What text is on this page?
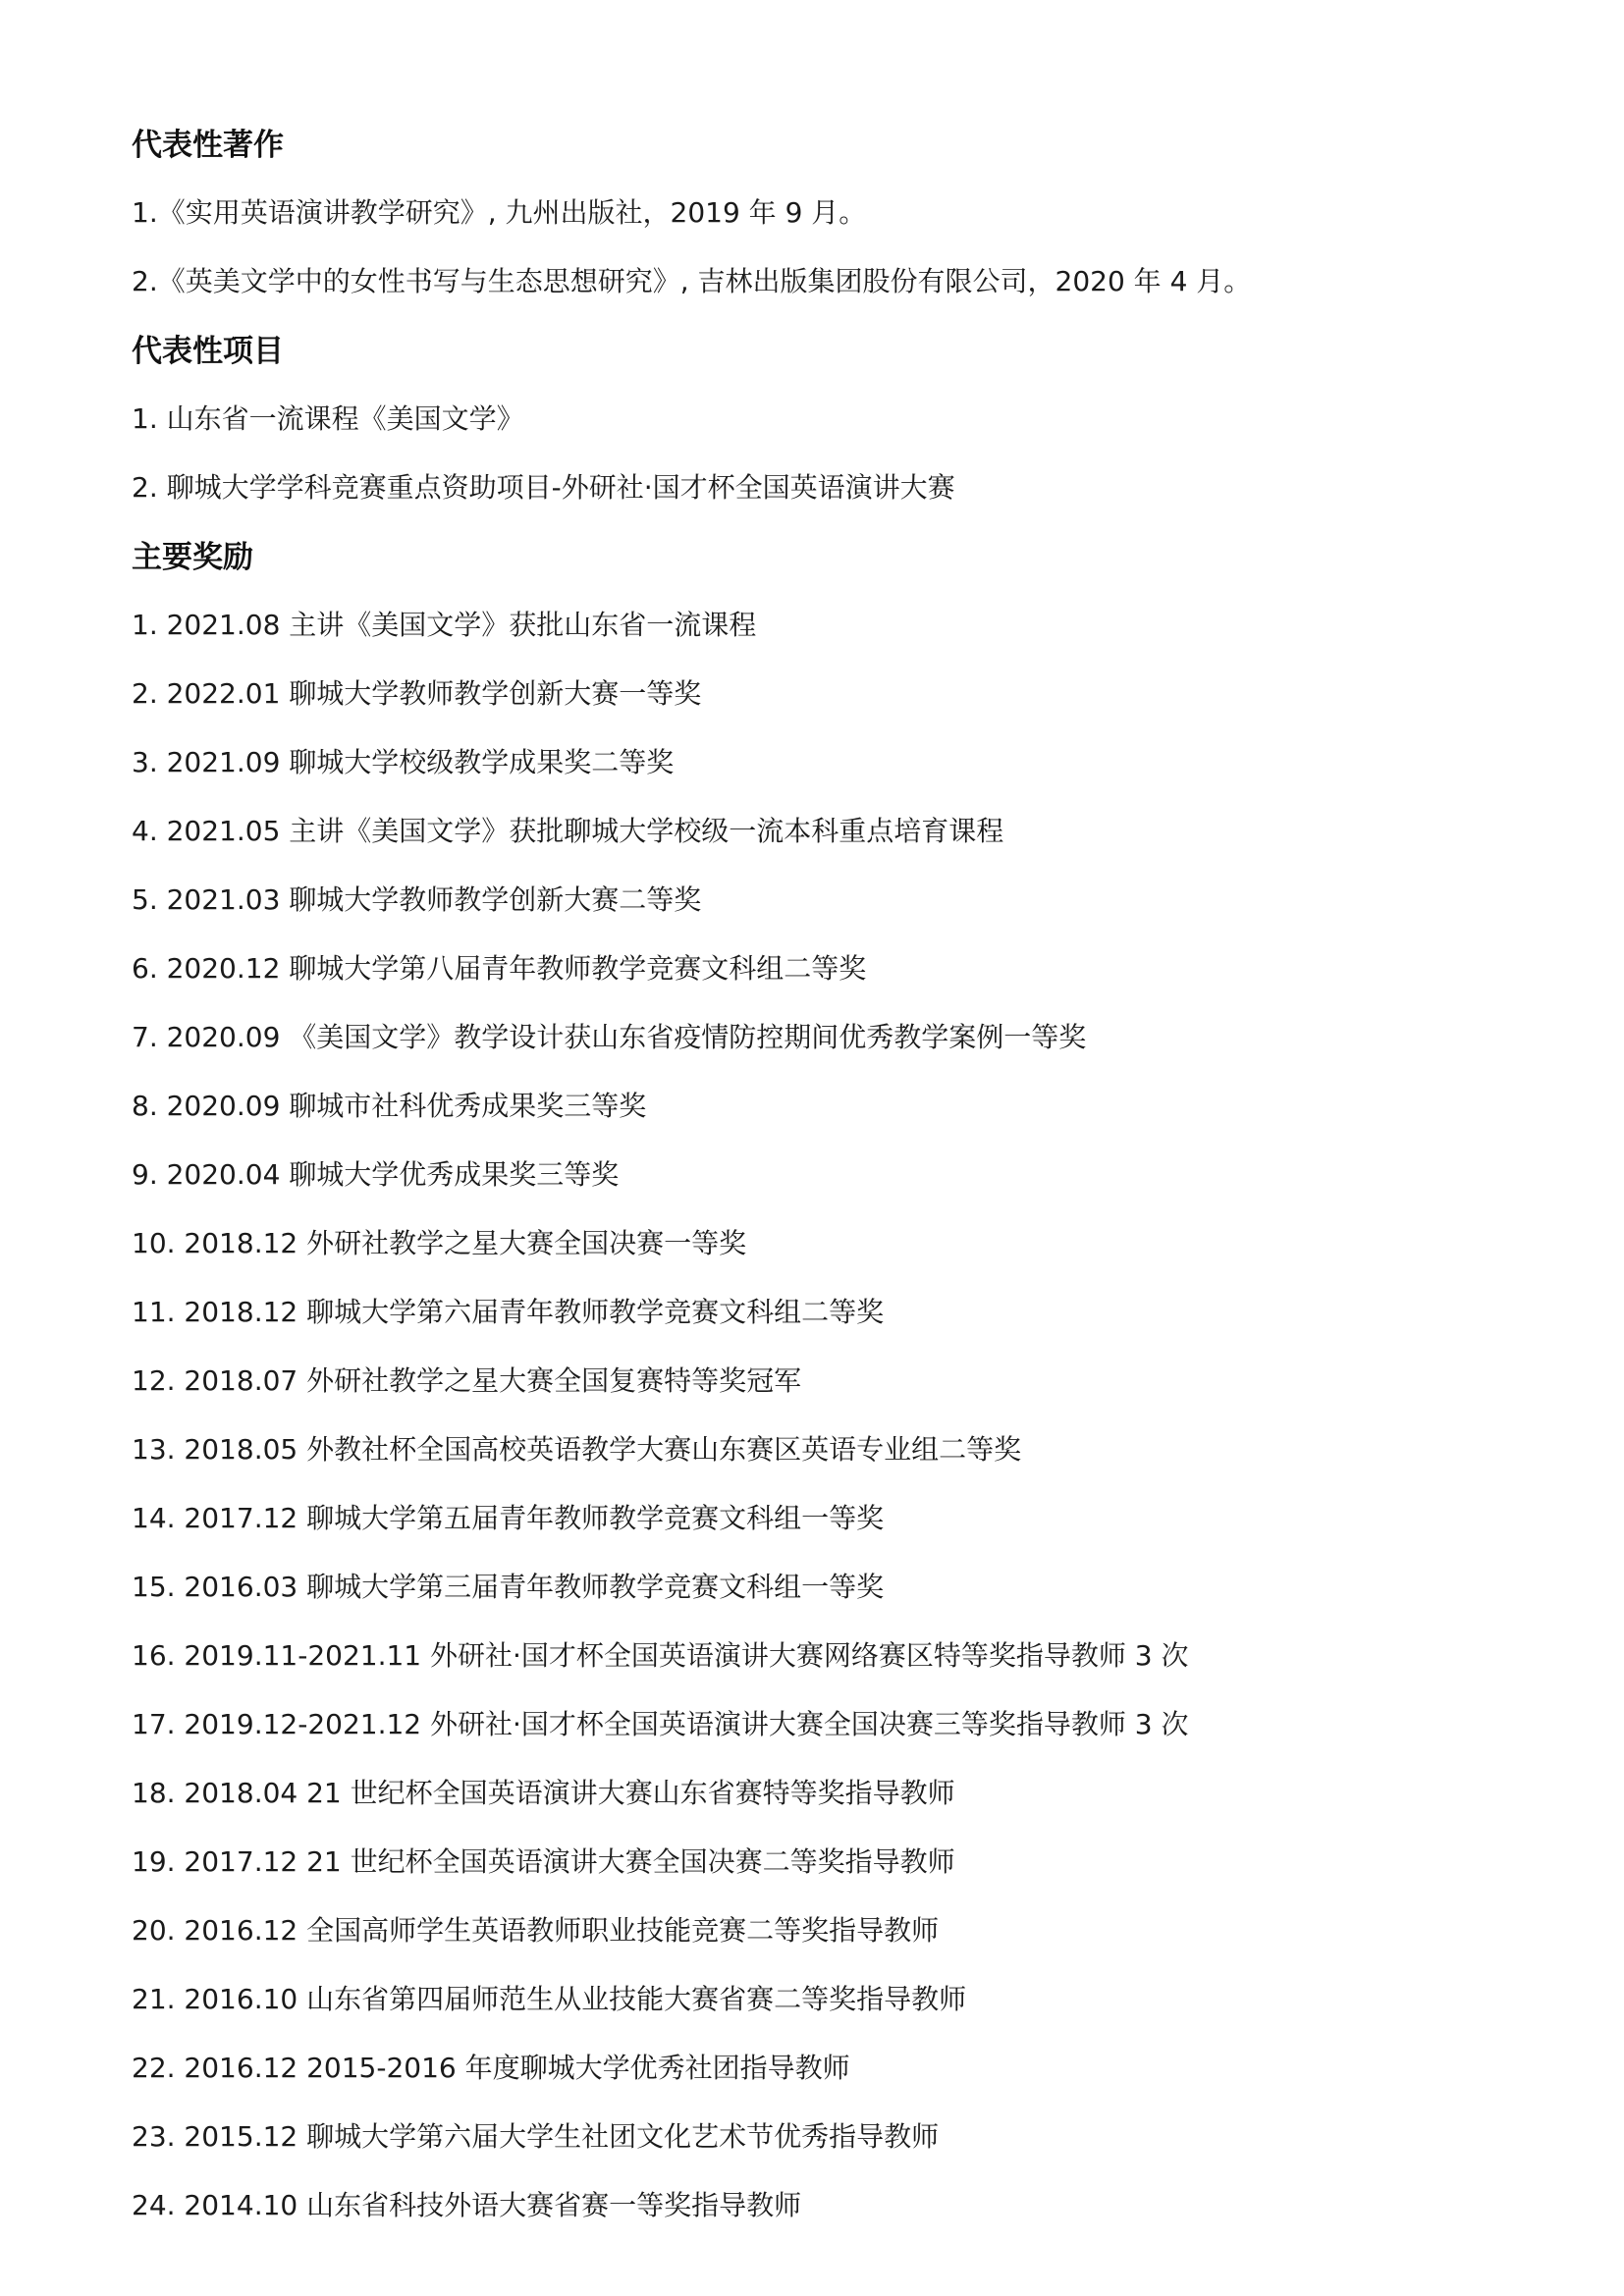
代表性著作
1.《实用英语演讲教学研究》, 九州出版社，2019 年 9 月。
2.《英美文学中的女性书写与生态思想研究》, 吉林出版集团股份有限公司，2020 年 4 月。
代表性项目
1. 山东省一流课程《美国文学》
2. 聊城大学学科竞赛重点资助项目-外研社·国才杯全国英语演讲大赛
主要奖励
1. 2021.08 主讲《美国文学》获批山东省一流课程
2. 2022.01 聊城大学教师教学创新大赛一等奖
3. 2021.09 聊城大学校级教学成果奖二等奖
4. 2021.05 主讲《美国文学》获批聊城大学校级一流本科重点培育课程
5. 2021.03 聊城大学教师教学创新大赛二等奖
6. 2020.12 聊城大学第八届青年教师教学竞赛文科组二等奖
7. 2020.09 《美国文学》教学设计获山东省疫情防控期间优秀教学案例一等奖
8. 2020.09 聊城市社科优秀成果奖三等奖
9. 2020.04 聊城大学优秀成果奖三等奖
10. 2018.12 外研社教学之星大赛全国决赛一等奖
11. 2018.12 聊城大学第六届青年教师教学竞赛文科组二等奖
12. 2018.07 外研社教学之星大赛全国复赛特等奖冠军
13. 2018.05 外教社杯全国高校英语教学大赛山东赛区英语专业组二等奖
14. 2017.12 聊城大学第五届青年教师教学竞赛文科组一等奖
15. 2016.03 聊城大学第三届青年教师教学竞赛文科组一等奖
16. 2019.11-2021.11 外研社·国才杯全国英语演讲大赛网络赛区特等奖指导教师 3 次
17. 2019.12-2021.12 外研社·国才杯全国英语演讲大赛全国决赛三等奖指导教师 3 次
18. 2018.04 21 世纪杯全国英语演讲大赛山东省赛特等奖指导教师
19. 2017.12 21 世纪杯全国英语演讲大赛全国决赛二等奖指导教师
20. 2016.12 全国高师学生英语教师职业技能竞赛二等奖指导教师
21. 2016.10 山东省第四届师范生从业技能大赛省赛二等奖指导教师
22. 2016.12 2015-2016 年度聊城大学优秀社团指导教师
23. 2015.12 聊城大学第六届大学生社团文化艺术节优秀指导教师
24. 2014.10 山东省科技外语大赛省赛一等奖指导教师
